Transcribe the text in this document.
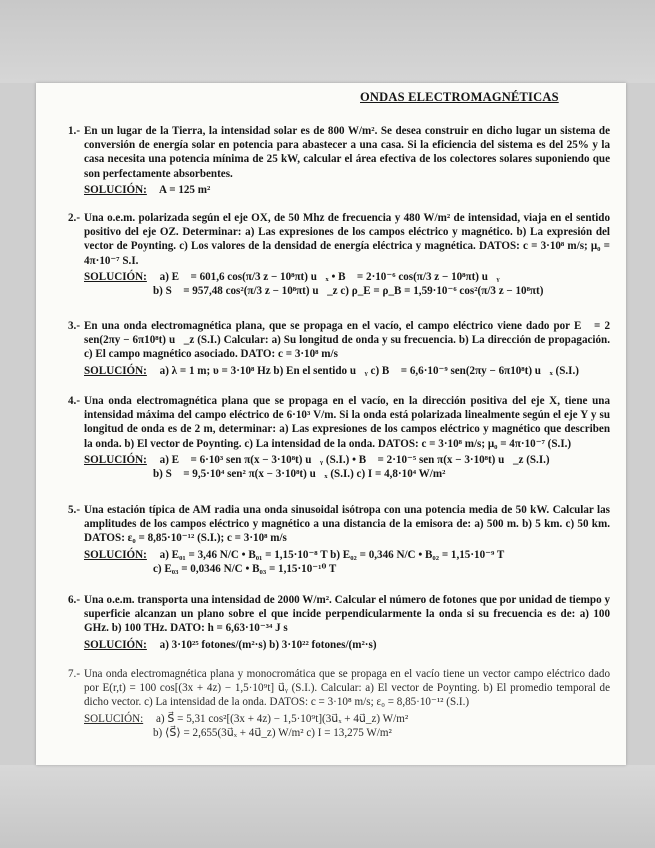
ONDAS ELECTROMAGNÉTICAS
1.- En un lugar de la Tierra, la intensidad solar es de 800 W/m². Se desea construir en dicho lugar un sistema de conversión de energía solar en potencia para abastecer a una casa. Si la eficiencia del sistema es del 25% y la casa necesita una potencia mínima de 25 kW, calcular el área efectiva de los colectores solares suponiendo que son perfectamente absorbentes.

SOLUCIÓN: A = 125 m²

2.- Una o.e.m. polarizada según el eje OX, de 50 Mhz de frecuencia y 480 W/m² de intensidad, viaja en el sentido positivo del eje OZ. Determinar: a) Las expresiones de los campos eléctrico y magnético. b) La expresión del vector de Poynting. c) Los valores de la densidad de energía eléctrica y magnética. DATOS: c = 3·10⁸ m/s; μ₀ = 4π·10⁻⁷ S.I.

SOLUCIÓN: a) E⃗ = 601,6 cos(π/3 z − 10⁸πt) u⃗ₓ • B⃗ = 2·10⁻⁶ cos(π/3 z − 10⁸πt) u⃗ᵧ

b) S⃗ = 957,48 cos²(π/3 z − 10⁸πt) u⃗_z c) ρ_E = ρ_B = 1,59·10⁻⁶ cos²(π/3 z − 10⁸πt)

3.- En una onda electromagnética plana, que se propaga en el vacío, el campo eléctrico viene dado por E⃗ = 2 sen(2πy − 6π10⁸t) u⃗_z (S.I.) Calcular: a) Su longitud de onda y su frecuencia. b) La dirección de propagación. c) El campo magnético asociado. DATO: c = 3·10⁸ m/s

SOLUCIÓN: a) λ = 1 m; υ = 3·10⁸ Hz b) En el sentido u⃗ᵧ c) B⃗ = 6,6·10⁻⁹ sen(2πy − 6π10⁸t) u⃗ₓ (S.I.)

4.- Una onda electromagnética plana que se propaga en el vacío, en la dirección positiva del eje X, tiene una intensidad máxima del campo eléctrico de 6·10³ V/m. Si la onda está polarizada linealmente según el eje Y y su longitud de onda es de 2 m, determinar: a) Las expresiones de los campos eléctrico y magnético que describen la onda. b) El vector de Poynting. c) La intensidad de la onda. DATOS: c = 3·10⁸ m/s; μ₀ = 4π·10⁻⁷ (S.I.)

SOLUCIÓN: a) E⃗ = 6·10³ sen π(x − 3·10⁸t) u⃗ᵧ (S.I.) • B⃗ = 2·10⁻⁵ sen π(x − 3·10⁸t) u⃗_z (S.I.)

b) S⃗ = 9,5·10⁴ sen² π(x − 3·10⁸t) u⃗ₓ (S.I.) c) I = 4,8·10⁴ W/m²

5.- Una estación típica de AM radia una onda sinusoidal isótropa con una potencia media de 50 kW. Calcular las amplitudes de los campos eléctrico y magnético a una distancia de la emisora de: a) 500 m. b) 5 km. c) 50 km. DATOS: ε₀ = 8,85·10⁻¹² (S.I.); c = 3·10⁸ m/s

SOLUCIÓN: a) E₀₁ = 3,46 N/C • B₀₁ = 1,15·10⁻⁸ T b) E₀₂ = 0,346 N/C • B₀₂ = 1,15·10⁻⁹ T

c) E₀₃ = 0,0346 N/C • B₀₃ = 1,15·10⁻¹⁰ T

6.- Una o.e.m. transporta una intensidad de 2000 W/m². Calcular el número de fotones que por unidad de tiempo y superficie alcanzan un plano sobre el que incide perpendicularmente la onda si su frecuencia es de: a) 100 GHz. b) 100 THz. DATO: h = 6,63·10⁻³⁴ J s

SOLUCIÓN: a) 3·10²⁵ fotones/(m²·s) b) 3·10²² fotones/(m²·s)

7.- Una onda electromagnética plana y monocromática que se propaga en el vacío tiene un vector campo eléctrico dado por E(r,t) = 100 cos[(3x + 4z) − 1,5·10⁹t] u⃗ᵧ (S.I.). Calcular: a) El vector de Poynting. b) El promedio temporal de dicho vector. c) La intensidad de la onda. DATOS: c = 3·10⁸ m/s; ε₀ = 8,85·10⁻¹² (S.I.)

SOLUCIÓN: a) S⃗ = 5,31 cos²[(3x + 4z) − 1,5·10⁹t](3u⃗ₓ + 4u⃗_z) W/m²

b) ⟨S⃗⟩ = 2,655(3u⃗ₓ + 4u⃗_z) W/m² c) I = 13,275 W/m²
